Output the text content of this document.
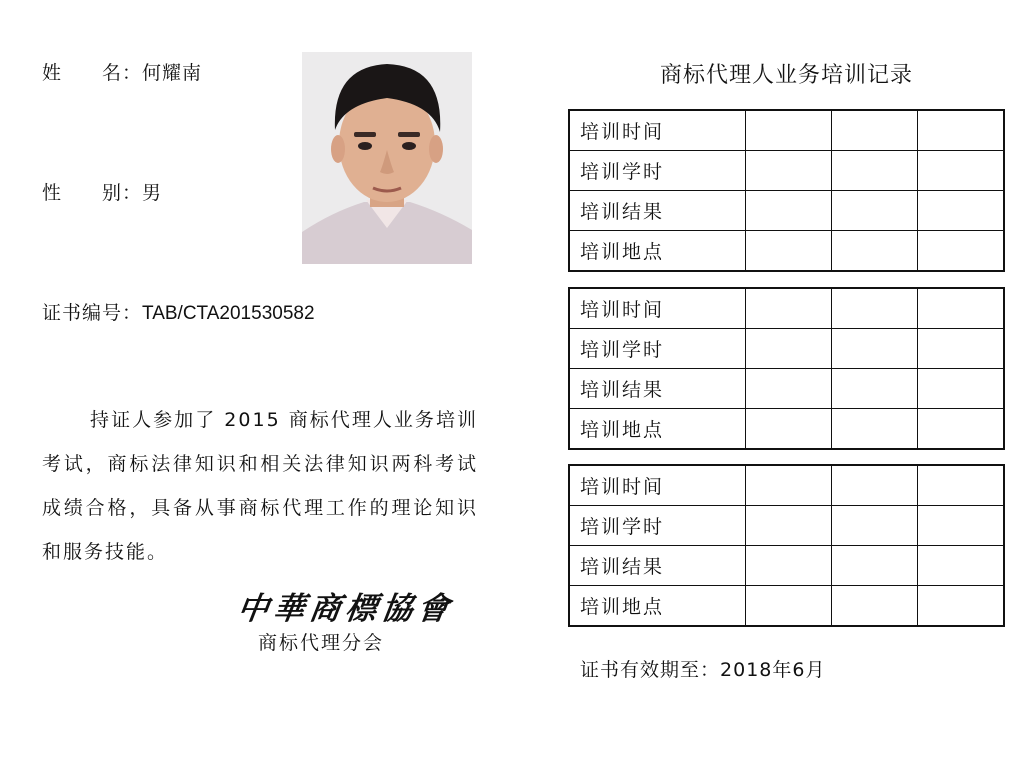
姓　　名：何耀南
性　　别：男
证书编号：TAB/CTA201530582
持证人参加了 2015 商标代理人业务培训考试，商标法律知识和相关法律知识两科考试成绩合格，具备从事商标代理工作的理论知识和服务技能。
中華商標協會
商标代理分会
商标代理人业务培训记录
培训时间			
培训学时			
培训结果			
培训地点			
培训时间			
培训学时			
培训结果			
培训地点			
培训时间			
培训学时			
培训结果			
培训地点			
证书有效期至：2018年6月
